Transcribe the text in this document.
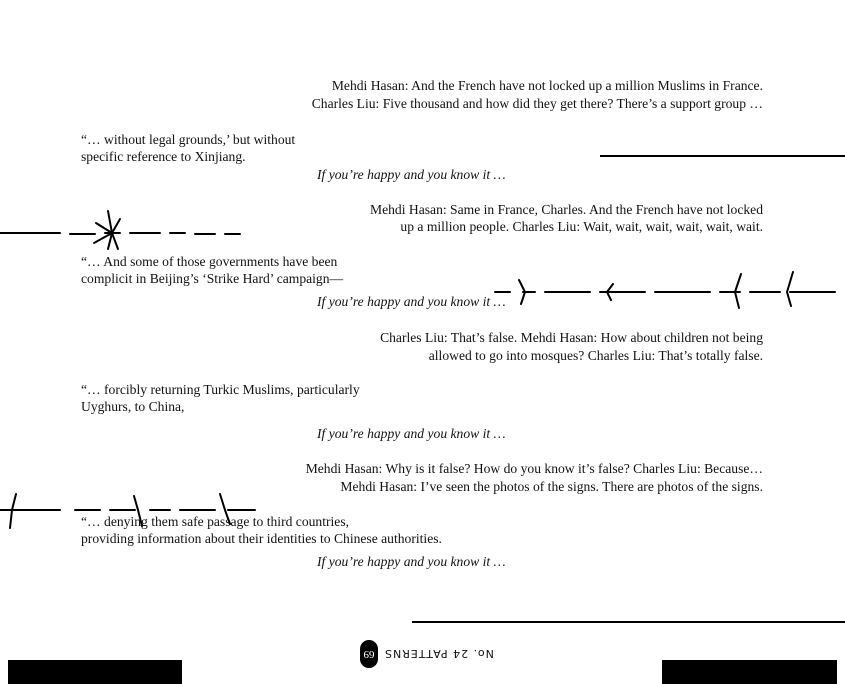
Mehdi Hasan: And the French have not locked up a million Muslims in France.
Charles Liu: Five thousand and how did they get there? There’s a support group …
“… without legal grounds,’ but without
specific reference to Xinjiang.
If you’re happy and you know it …
Mehdi Hasan: Same in France, Charles. And the French have not locked
up a million people. Charles Liu: Wait, wait, wait, wait, wait, wait.
“… And some of those governments have been
complicit in Beijing’s ‘Strike Hard’ campaign—
If you’re happy and you know it …
Charles Liu: That’s false. Mehdi Hasan: How about children not being
allowed to go into mosques? Charles Liu: That’s totally false.
“… forcibly returning Turkic Muslims, particularly
Uyghurs, to China,
If you’re happy and you know it …
Mehdi Hasan: Why is it false? How do you know it’s false? Charles Liu: Because…
Mehdi Hasan: I’ve seen the photos of the signs. There are photos of the signs.
“… denying them safe passage to third countries,
providing information about their identities to Chinese authorities.
If you’re happy and you know it …
69 No. 24 PATTERNS
